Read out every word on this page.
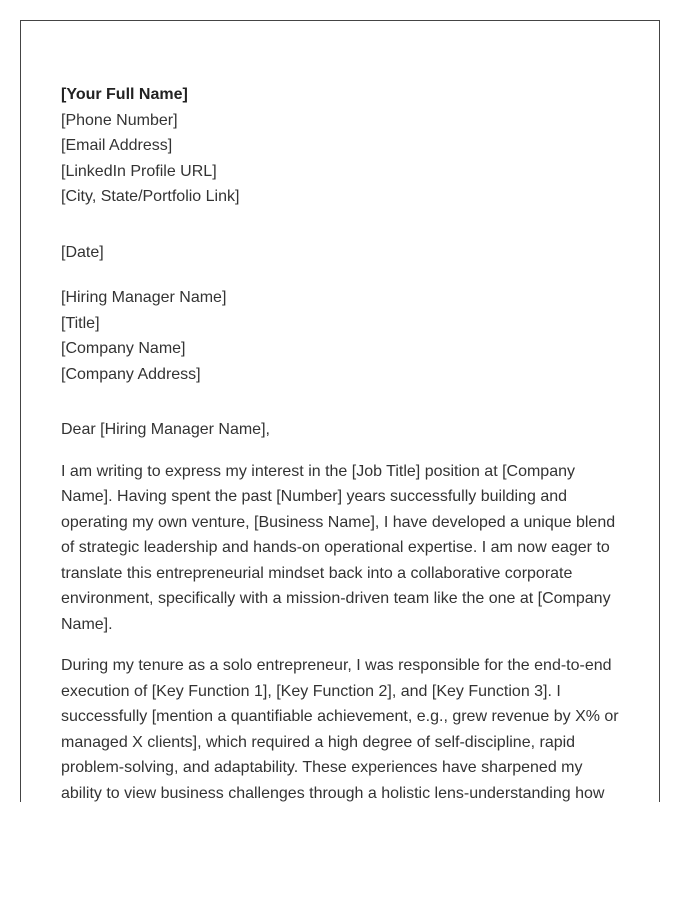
[Your Full Name]
[Phone Number]
[Email Address]
[LinkedIn Profile URL]
[City, State/Portfolio Link]
[Date]
[Hiring Manager Name]
[Title]
[Company Name]
[Company Address]
Dear [Hiring Manager Name],
I am writing to express my interest in the [Job Title] position at [Company
Name]. Having spent the past [Number] years successfully building and
operating my own venture, [Business Name], I have developed a unique blend
of strategic leadership and hands-on operational expertise. I am now eager to
translate this entrepreneurial mindset back into a collaborative corporate
environment, specifically with a mission-driven team like the one at [Company
Name].
During my tenure as a solo entrepreneur, I was responsible for the end-to-end
execution of [Key Function 1], [Key Function 2], and [Key Function 3]. I
successfully [mention a quantifiable achievement, e.g., grew revenue by X% or
managed X clients], which required a high degree of self-discipline, rapid
problem-solving, and adaptability. These experiences have sharpened my
ability to view business challenges through a holistic lens-understanding how
